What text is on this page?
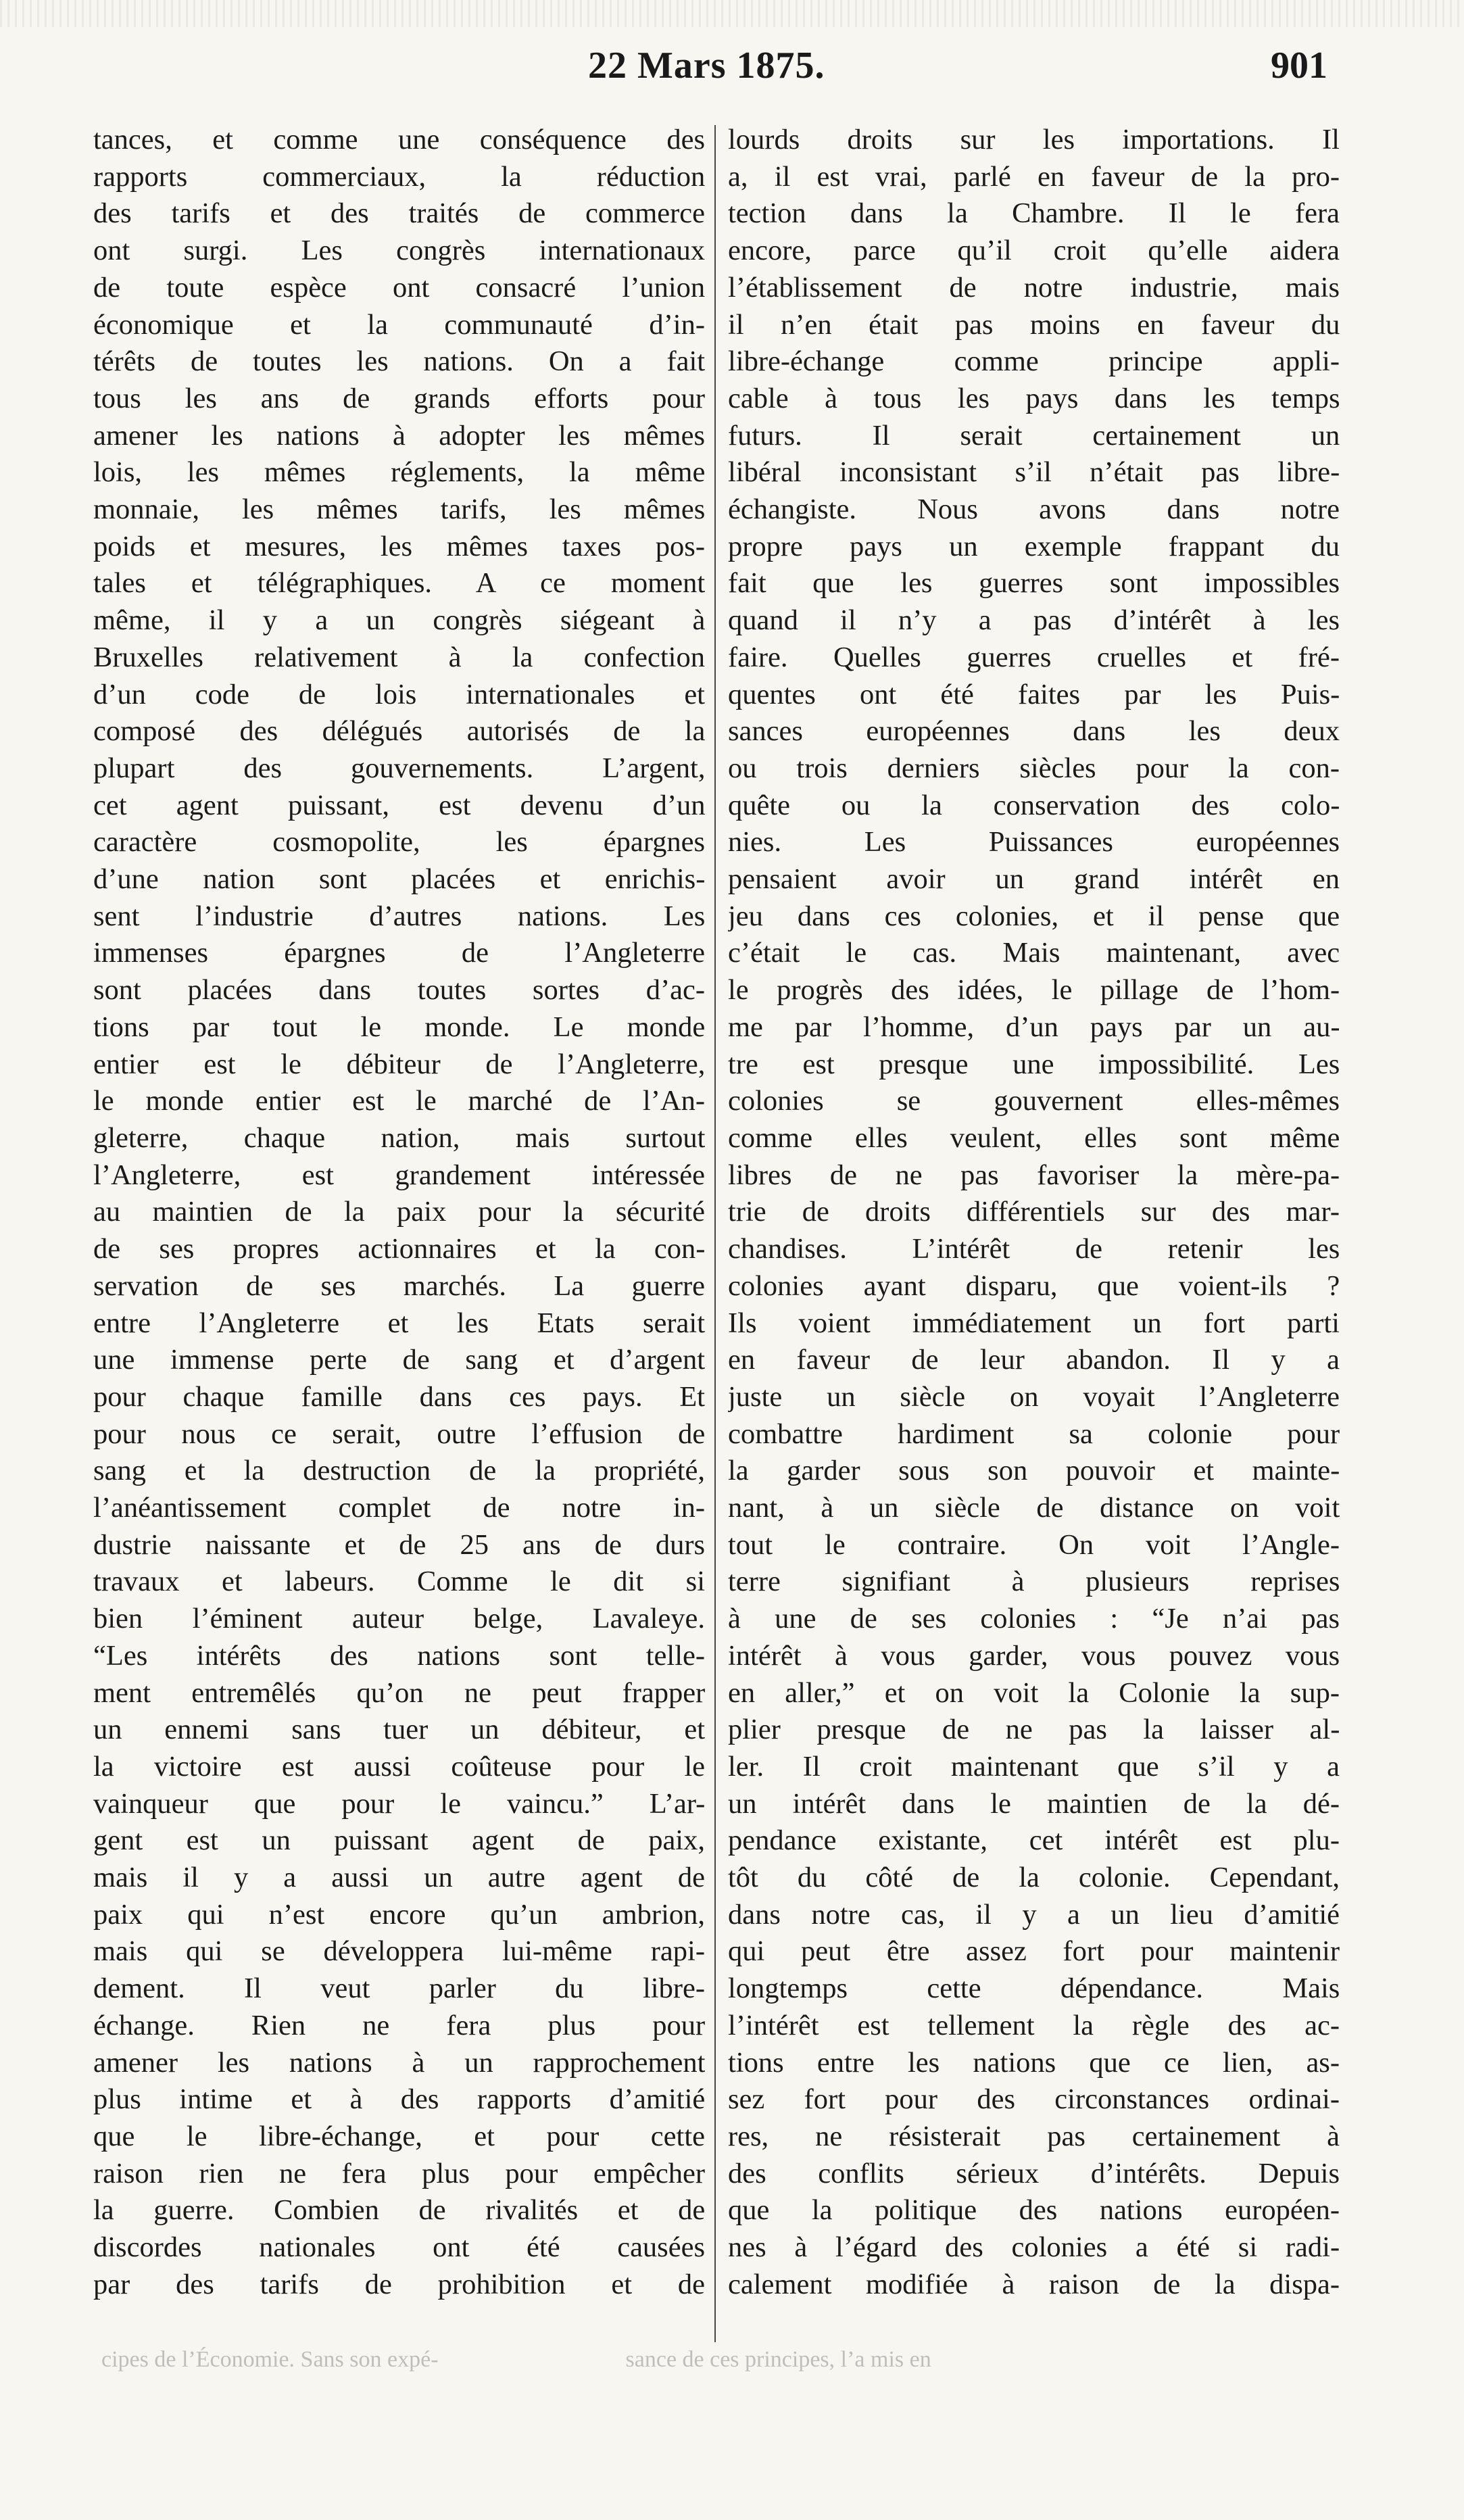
22 Mars 1875.	901

tances, et comme une conséquence des

rapports commerciaux, la réduction

des tarifs et des traités de commerce

ont surgi. Les congrès internationaux

de toute espèce ont consacré l’union

économique et la communauté d’in-

térêts de toutes les nations. On a fait

tous les ans de grands efforts pour

amener les nations à adopter les mêmes

lois, les mêmes réglements, la même

monnaie, les mêmes tarifs, les mêmes

poids et mesures, les mêmes taxes pos-

tales et télégraphiques. A ce moment

même, il y a un congrès siégeant à

Bruxelles relativement à la confection

d’un code de lois internationales et

composé des délégués autorisés de la

plupart des gouvernements. L’argent,

cet agent puissant, est devenu d’un

caractère cosmopolite, les épargnes

d’une nation sont placées et enrichis-

sent l’industrie d’autres nations. Les

immenses épargnes de l’Angleterre

sont placées dans toutes sortes d’ac-

tions par tout le monde. Le monde

entier est le débiteur de l’Angleterre,

le monde entier est le marché de l’An-

gleterre, chaque nation, mais surtout

l’Angleterre, est grandement intéressée

au maintien de la paix pour la sécurité

de ses propres actionnaires et la con-

servation de ses marchés. La guerre

entre l’Angleterre et les Etats serait

une immense perte de sang et d’argent

pour chaque famille dans ces pays. Et

pour nous ce serait, outre l’effusion de

sang et la destruction de la propriété,

l’anéantissement complet de notre in-

dustrie naissante et de 25 ans de durs

travaux et labeurs. Comme le dit si

bien l’éminent auteur belge, Lavaleye.

“Les intérêts des nations sont telle-

ment entremêlés qu’on ne peut frapper

un ennemi sans tuer un débiteur, et

la victoire est aussi coûteuse pour le

vainqueur que pour le vaincu.” L’ar-

gent est un puissant agent de paix,

mais il y a aussi un autre agent de

paix qui n’est encore qu’un ambrion,

mais qui se développera lui-même rapi-

dement. Il veut parler du libre-

échange. Rien ne fera plus pour

amener les nations à un rapprochement

plus intime et à des rapports d’amitié

que le libre-échange, et pour cette

raison rien ne fera plus pour empêcher

la guerre. Combien de rivalités et de

discordes nationales ont été causées

par des tarifs de prohibition et de

lourds droits sur les importations. Il

a, il est vrai, parlé en faveur de la pro-

tection dans la Chambre. Il le fera

encore, parce qu’il croit qu’elle aidera

l’établissement de notre industrie, mais

il n’en était pas moins en faveur du

libre-échange comme principe appli-

cable à tous les pays dans les temps

futurs. Il serait certainement un

libéral inconsistant s’il n’était pas libre-

échangiste. Nous avons dans notre

propre pays un exemple frappant du

fait que les guerres sont impossibles

quand il n’y a pas d’intérêt à les

faire. Quelles guerres cruelles et fré-

quentes ont été faites par les Puis-

sances européennes dans les deux

ou trois derniers siècles pour la con-

quête ou la conservation des colo-

nies. Les Puissances européennes

pensaient avoir un grand intérêt en

jeu dans ces colonies, et il pense que

c’était le cas. Mais maintenant, avec

le progrès des idées, le pillage de l’hom-

me par l’homme, d’un pays par un au-

tre est presque une impossibilité. Les

colonies se gouvernent elles-mêmes

comme elles veulent, elles sont même

libres de ne pas favoriser la mère-pa-

trie de droits différentiels sur des mar-

chandises. L’intérêt de retenir les

colonies ayant disparu, que voient-ils ?

Ils voient immédiatement un fort parti

en faveur de leur abandon. Il y a

juste un siècle on voyait l’Angleterre

combattre hardiment sa colonie pour

la garder sous son pouvoir et mainte-

nant, à un siècle de distance on voit

tout le contraire. On voit l’Angle-

terre signifiant à plusieurs reprises

à une de ses colonies : “Je n’ai pas

intérêt à vous garder, vous pouvez vous

en aller,” et on voit la Colonie la sup-

plier presque de ne pas la laisser al-

ler. Il croit maintenant que s’il y a

un intérêt dans le maintien de la dé-

pendance existante, cet intérêt est plu-

tôt du côté de la colonie. Cependant,

dans notre cas, il y a un lieu d’amitié

qui peut être assez fort pour maintenir

longtemps cette dépendance. Mais

l’intérêt est tellement la règle des ac-

tions entre les nations que ce lien, as-

sez fort pour des circonstances ordinai-

res, ne résisterait pas certainement à

des conflits sérieux d’intérêts. Depuis

que la politique des nations européen-

nes à l’égard des colonies a été si radi-

calement modifiée à raison de la dispa-

cipes de l’Économie. Sans son expé-	sance de ces principes, l’a mis en
